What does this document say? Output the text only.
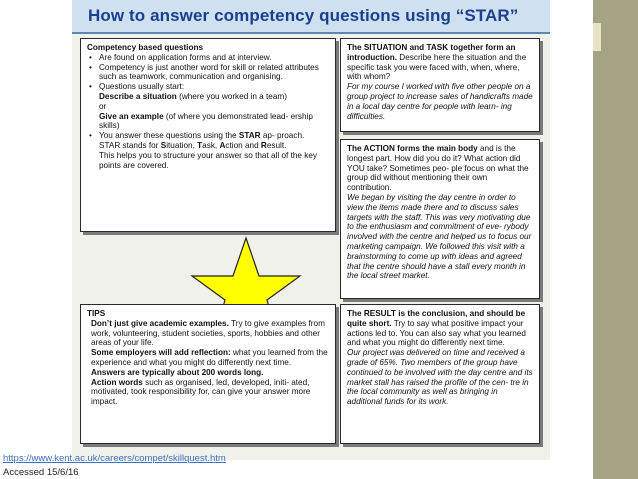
How to answer competency questions using “STAR”

Competency based questions

• Are found on application forms and at interview.
• Competency is just another word for skill or related attributes such as teamwork, communication and organising.
• Questions usually start:
Describe a situation (where you worked in a team)
or
Give an example (of where you demonstrated lead- ership skills)
• You answer these questions using the STAR ap- proach.
STAR stands for Situation, Task, Action and Result.
This helps you to structure your answer so that all of the key points are covered.

The SITUATION and TASK together form an introduction. Describe here the situation and the specific task you were faced with, when, where, with whom?

For my course I worked with five other people on a group project to increase sales of handicrafts made in a local day centre for people with learn- ing difficulties.

The ACTION forms the main body and is the longest part. How did you do it? What action did YOU take? Sometimes peo- ple focus on what the group did without mentioning their own contribution.

We began by visiting the day centre in order to view the items made there and to discuss sales targets with the staff. This was very motivating due to the enthusiasm and commitment of eve- rybody involved with the centre and helped us to focus our marketing campaign. We followed this visit with a brainstorming to come up with ideas and agreed that the centre should have a stall every month in the local street market.

TIPS

Don’t just give academic examples. Try to give examples from work, volunteering, student societies, sports, hobbies and other areas of your life.

Some employers will add reflection: what you learned from the experience and what you might do differently next time.

Answers are typically about 200 words long.

Action words such as organised, led, developed, initi- ated, motivated, took responsibility for, can give your answer more impact.

The RESULT is the conclusion, and should be quite short. Try to say what positive impact your actions led to. You can also say what you learned and what you might do differently next time.

Our project was delivered on time and received a grade of 65%. Two members of the group have continued to be involved with the day centre and its market stall has raised the profile of the cen- tre in the local community as well as bringing in additional funds for its work.

https://www.kent.ac.uk/careers/compet/skillquest.htm
Accessed 15/6/16
